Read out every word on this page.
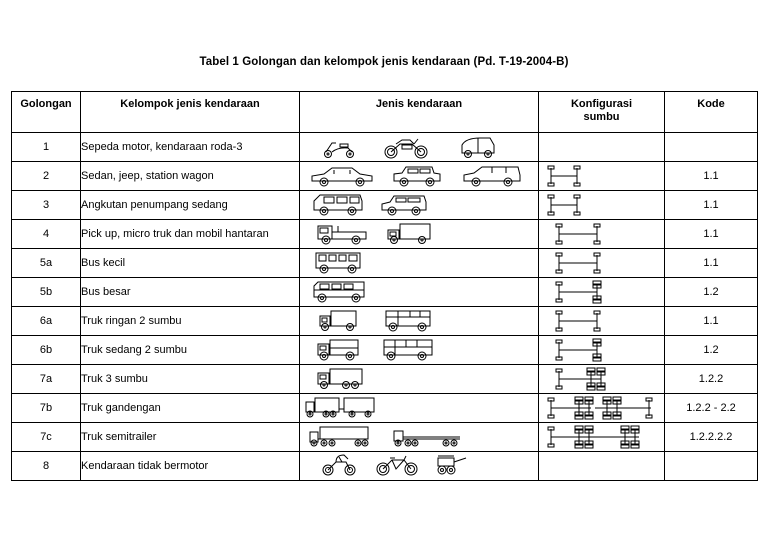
Tabel 1 Golongan dan kelompok jenis kendaraan (Pd. T-19-2004-B)
Golongan	Kelompok jenis kendaraan	Jenis kendaraan	Konfigurasi sumbu	Kode
1	Sepeda motor, kendaraan roda-3	

2	Sedan, jeep, station wagon			1.1
3	Angkutan penumpang sedang			1.1
4	Pick up, micro truk dan mobil hantaran			1.1
5a	Bus kecil			1.1
5b	Bus besar			1.2
6a	Truk ringan 2 sumbu			1.1
6b	Truk sedang 2 sumbu			1.2
7a	Truk 3 sumbu			1.2.2
7b	Truk gandengan			1.2.2 - 2.2
7c	Truk semitrailer			1.2.2.2.2
8	Kendaraan tidak bermotor	
